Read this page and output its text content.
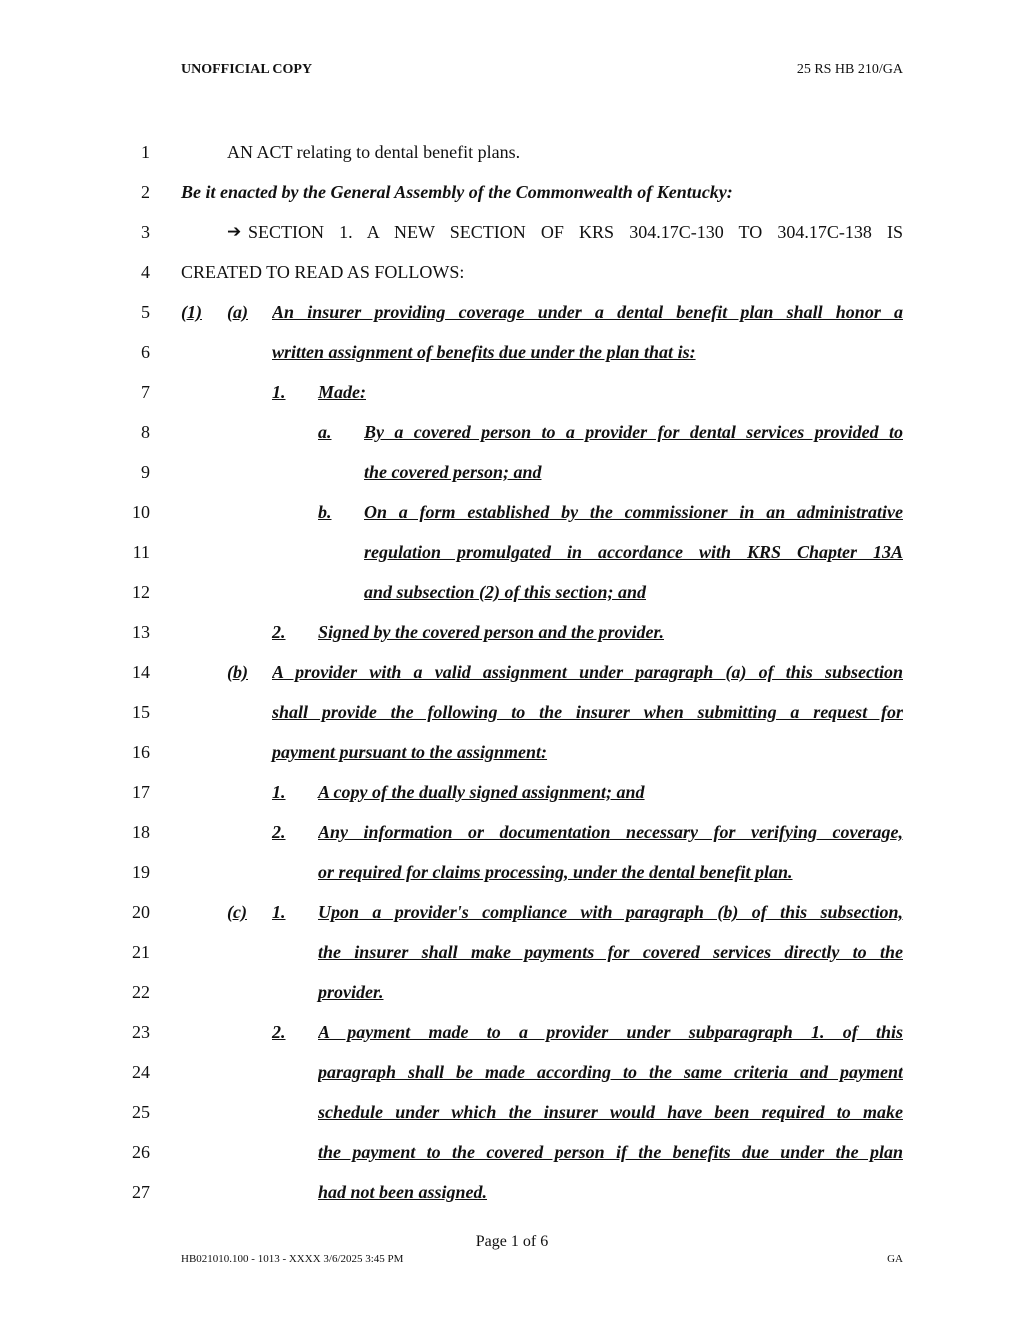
UNOFFICIAL COPY	25 RS HB 210/GA
1	AN ACT relating to dental benefit plans.
2 Be it enacted by the General Assembly of the Commonwealth of Kentucky:
3	➔ SECTION 1. A NEW SECTION OF KRS 304.17C-130 TO 304.17C-138 IS
4 CREATED TO READ AS FOLLOWS:
5 (1) (a) An insurer providing coverage under a dental benefit plan shall honor a
6	written assignment of benefits due under the plan that is:
7	1. Made:
8	a. By a covered person to a provider for dental services provided to
9	the covered person; and
10	b. On a form established by the commissioner in an administrative
11	regulation promulgated in accordance with KRS Chapter 13A
12	and subsection (2) of this section; and
13	2. Signed by the covered person and the provider.
14	(b) A provider with a valid assignment under paragraph (a) of this subsection
15	shall provide the following to the insurer when submitting a request for
16	payment pursuant to the assignment:
17	1. A copy of the dually signed assignment; and
18	2. Any information or documentation necessary for verifying coverage,
19	or required for claims processing, under the dental benefit plan.
20	(c) 1. Upon a provider's compliance with paragraph (b) of this subsection,
21	the insurer shall make payments for covered services directly to the
22	provider.
23	2. A payment made to a provider under subparagraph 1. of this
24	paragraph shall be made according to the same criteria and payment
25	schedule under which the insurer would have been required to make
26	the payment to the covered person if the benefits due under the plan
27	had not been assigned.
Page 1 of 6
HB021010.100 - 1013 - XXXX 3/6/2025 3:45 PM	GA
